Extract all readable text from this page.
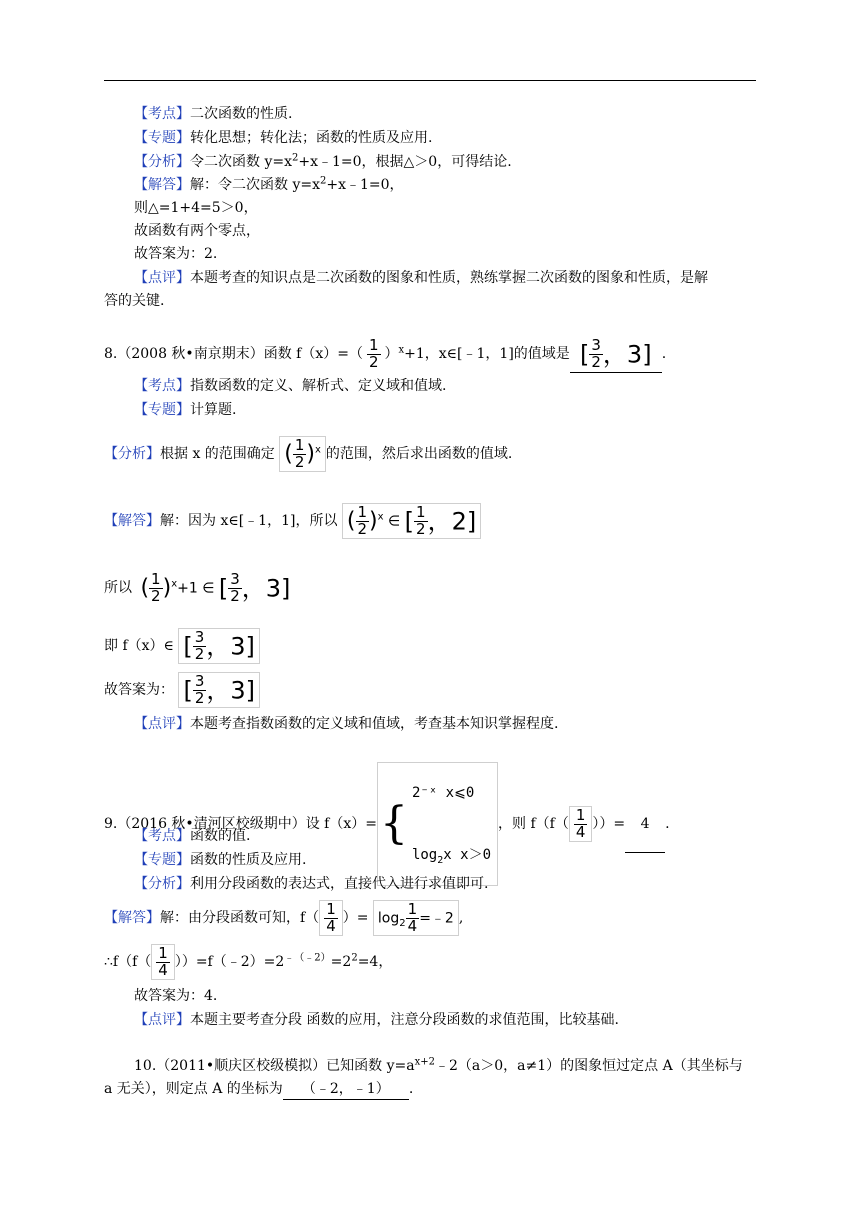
【考点】二次函数的性质.
【专题】转化思想；转化法；函数的性质及应用.
【分析】令二次函数 $y=x^2+x﹣1=0$，根据△＞0，可得结论.
【解答】解：令二次函数 $y=x^2+x﹣1=0$，
则△=1+4=5＞0，
故函数有两个零点，
故答案为：2.
【点评】本题考查的知识点是二次函数的图象和性质，熟练掌握二次函数的图象和性质，是解
答的关键.
8.（2008 秋•南京期末）函数 $f(x)=( \frac{1}{2} )^x+1$，x∈[﹣1，1]的值域是 [ $\frac{3}{2}$ ，3] .
【考点】指数函数的定义、解析式、定义域和值域.
【专题】计算题.
【分析】根据 x 的范围确定 ( $\frac{1}{2} )^x$ 的范围，然后求出函数的值域.
【解答】解：因为 x∈[﹣1，1]，所以 ( $\frac{1}{2} )^x$ ∈ [ $\frac{1}{2}$ ，2]
所以 ( $\frac{1}{2} )^x+1$ ∈ [ $\frac{3}{2}$ ，3]
即 f（x）∈ [ $\frac{3}{2}$ ，3]
故答案为： [ $\frac{3}{2}$ ，3]
【点评】本题考查指数函数的定义域和值域，考查基本知识掌握程度.
9.（2016 秋•清河区校级期中）设 f（x）= {
2⁻ˣ x⩽0
$\log_2x$ x＞0
，则 $f(f( \frac{1}{4}$ ））= 4 .
【考点】函数的值.
【专题】函数的性质及应用.
【分析】利用分段函数的表达式，直接代入进行求值即可.
【解答】解：由分段函数可知，$f( \frac{1}{4}$ ）= $\log_2 \frac{1}{4}$ =﹣2 ,
∴f（f（ $\frac{1}{4}$ ））$=f(﹣2)=2^{﹣(﹣2)}=2^2=4$，
故答案为：4.
【点评】本题主要考查分段 函数的应用，注意分段函数的求值范围，比较基础.
10.（2011•顺庆区校级模拟）已知函数 $y=a^{x+2}﹣2(a>0$，a≠1）的图象恒过定点 A（其坐标与
a 无关），则定点 A 的坐标为 （﹣2，﹣1） .
